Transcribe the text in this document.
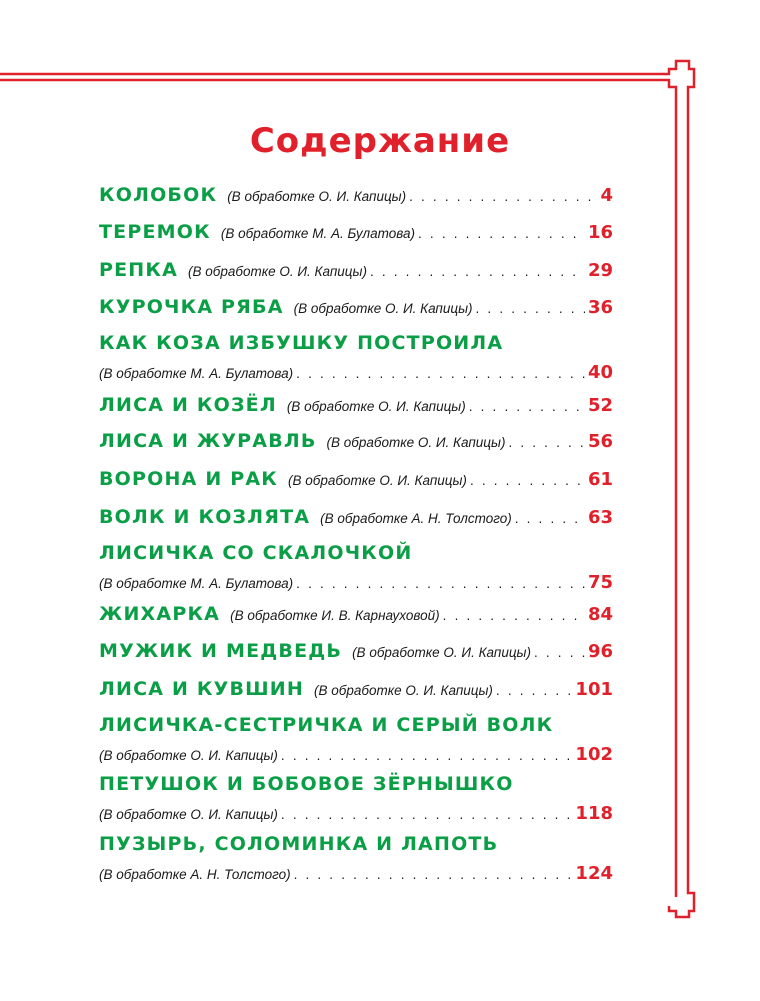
Содержание
КОЛОБОК (В обработке О. И. Капицы) . . .	4
ТЕРЕМОК (В обработке М. А. Булатова) . . .	16
РЕПКА (В обработке О. И. Капицы) . . .	29
КУРОЧКА РЯБА (В обработке О. И. Капицы) . . .	36
КАК КОЗА ИЗБУШКУ ПОСТРОИЛА
(В обработке М. А. Булатова) . . .	40
ЛИСА И КОЗЁЛ (В обработке О. И. Капицы) . . .	52
ЛИСА И ЖУРАВЛЬ (В обработке О. И. Капицы) . . .	56
ВОРОНА И РАК (В обработке О. И. Капицы) . . .	61
ВОЛК И КОЗЛЯТА (В обработке А. Н. Толстого) . . .	63
ЛИСИЧКА СО СКАЛОЧКОЙ
(В обработке М. А. Булатова) . . .	75
ЖИХАРКА (В обработке И. В. Карнауховой) . . .	84
МУЖИК И МЕДВЕДЬ (В обработке О. И. Капицы) . . .	96
ЛИСА И КУВШИН (В обработке О. И. Капицы) . . .	101
ЛИСИЧКА-СЕСТРИЧКА И СЕРЫЙ ВОЛК
(В обработке О. И. Капицы) . . .	102
ПЕТУШОК И БОБОВОЕ ЗЁРНЫШКО
(В обработке О. И. Капицы) . . .	118
ПУЗЫРЬ, СОЛОМИНКА И ЛАПОТЬ
(В обработке А. Н. Толстого) . . .	124
